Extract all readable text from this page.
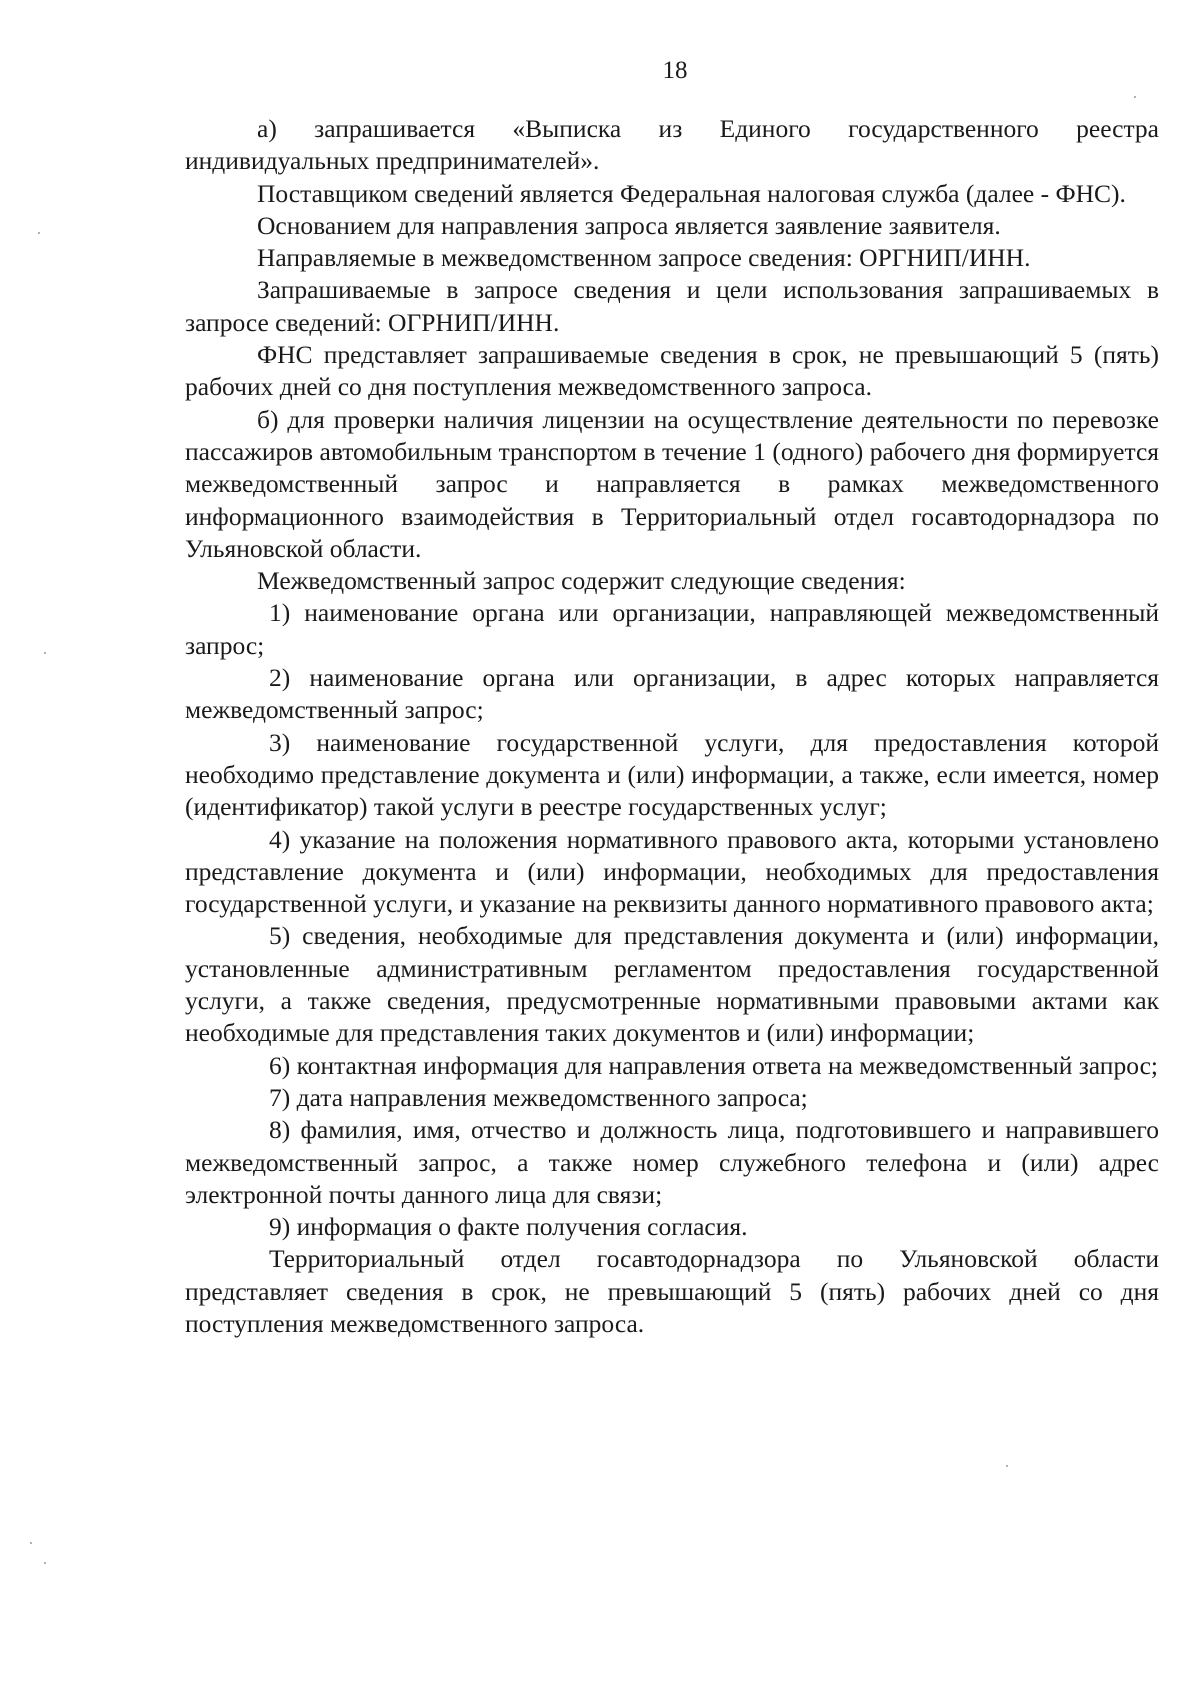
18

а) запрашивается «Выписка из Единого государственного реестра индивидуальных предпринимателей».

Поставщиком сведений является Федеральная налоговая служба (далее - ФНС).

Основанием для направления запроса является заявление заявителя.

Направляемые в межведомственном запросе сведения: ОРГНИП/ИНН.

Запрашиваемые в запросе сведения и цели использования запрашиваемых в запросе сведений: ОГРНИП/ИНН.

ФНС представляет запрашиваемые сведения в срок, не превышающий 5 (пять) рабочих дней со дня поступления межведомственного запроса.

б) для проверки наличия лицензии на осуществление деятельности по перевозке пассажиров автомобильным транспортом в течение 1 (одного) рабочего дня формируется межведомственный запрос и направляется в рамках межведомственного информационного взаимодействия в Территориальный отдел госавтодорнадзора по Ульяновской области.

Межведомственный запрос содержит следующие сведения:

1) наименование органа или организации, направляющей межведомственный запрос;

2) наименование органа или организации, в адрес которых направляется межведомственный запрос;

3) наименование государственной услуги, для предоставления которой необходимо представление документа и (или) информации, а также, если имеется, номер (идентификатор) такой услуги в реестре государственных услуг;

4) указание на положения нормативного правового акта, которыми установлено представление документа и (или) информации, необходимых для предоставления государственной услуги, и указание на реквизиты данного нормативного правового акта;

5) сведения, необходимые для представления документа и (или) информации, установленные административным регламентом предоставления государственной услуги, а также сведения, предусмотренные нормативными правовыми актами как необходимые для представления таких документов и (или) информации;

6) контактная информация для направления ответа на межведомственный запрос;

7) дата направления межведомственного запроса;

8) фамилия, имя, отчество и должность лица, подготовившего и направившего межведомственный запрос, а также номер служебного телефона и (или) адрес электронной почты данного лица для связи;

9) информация о факте получения согласия.

Территориальный отдел госавтодорнадзора по Ульяновской области представляет сведения в срок, не превышающий 5 (пять) рабочих дней со дня поступления межведомственного запроса.
